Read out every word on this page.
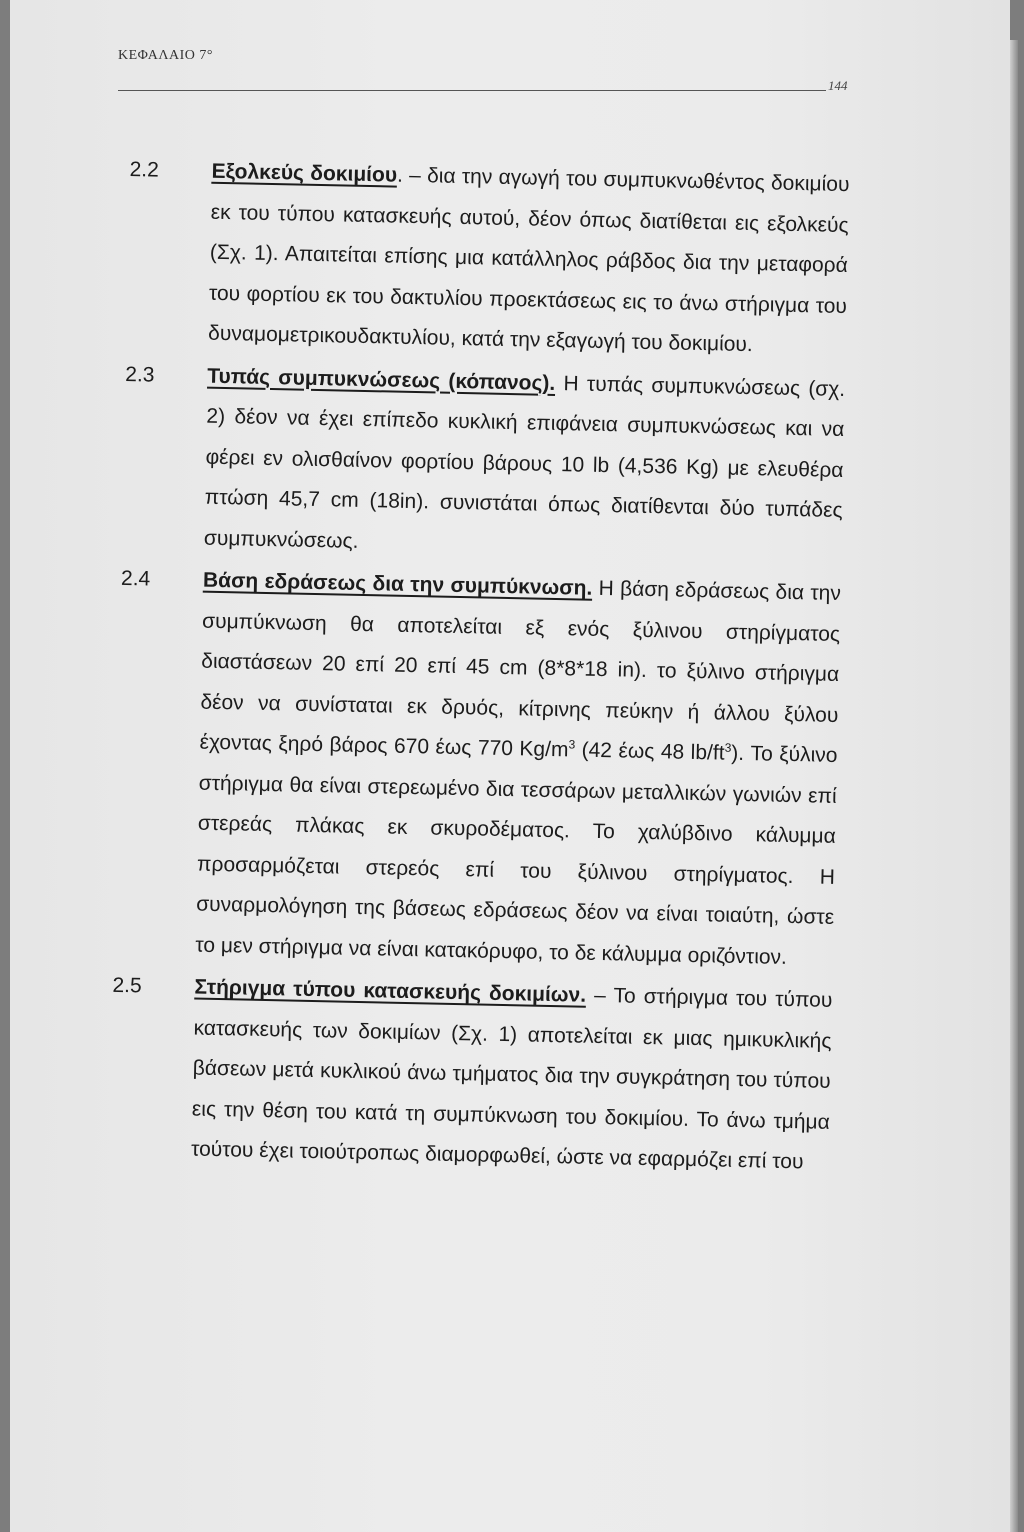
ΚΕΦΑΛΑΙΟ 7°
144
2.2	Εξολκεύς δοκιμίου. – δια την αγωγή του συμπυκνωθέντος δοκιμίου εκ του τύπου κατασκευής αυτού, δέον όπως διατίθεται εις εξολκεύς (Σχ. 1). Απαιτείται επίσης μια κατάλληλος ράβδος δια την μεταφορά του φορτίου εκ του δακτυλίου προεκτάσεως εις το άνω στήριγμα του δυναμομετρικουδακτυλίου, κατά την εξαγωγή του δοκιμίου.
2.3	Τυπάς συμπυκνώσεως (κόπανος). Η τυπάς συμπυκνώσεως (σχ. 2) δέον να έχει επίπεδο κυκλική επιφάνεια συμπυκνώσεως και να φέρει εν ολισθαίνον φορτίου βάρους 10 lb (4,536 Kg) με ελευθέρα πτώση 45,7 cm (18in). συνιστάται όπως διατίθενται δύο τυπάδες συμπυκνώσεως.
2.4	Βάση εδράσεως δια την συμπύκνωση. Η βάση εδράσεως δια την συμπύκνωση θα αποτελείται εξ ενός ξύλινου στηρίγματος διαστάσεων 20 επί 20 επί 45 cm (8*8*18 in). το ξύλινο στήριγμα δέον να συνίσταται εκ δρυός, κίτρινης πεύκην ή άλλου ξύλου έχοντας ξηρό βάρος 670 έως 770 $Kg/m^3$ (42 έως 48 $lb/ft^3$). Το ξύλινο στήριγμα θα είναι στερεωμένο δια τεσσάρων μεταλλικών γωνιών επί στερεάς πλάκας εκ σκυροδέματος. Το χαλύβδινο κάλυμμα προσαρμόζεται στερεός επί του ξύλινου στηρίγματος. Η συναρμολόγηση της βάσεως εδράσεως δέον να είναι τοιαύτη, ώστε το μεν στήριγμα να είναι κατακόρυφο, το δε κάλυμμα οριζόντιον.
2.5	Στήριγμα τύπου κατασκευής δοκιμίων. – Το στήριγμα του τύπου κατασκευής των δοκιμίων (Σχ. 1) αποτελείται εκ μιας ημικυκλικής βάσεων μετά κυκλικού άνω τμήματος δια την συγκράτηση του τύπου εις την θέση του κατά τη συμπύκνωση του δοκιμίου. Το άνω τμήμα τούτου έχει τοιούτροπως διαμορφωθεί, ώστε να εφαρμόζει επί του
